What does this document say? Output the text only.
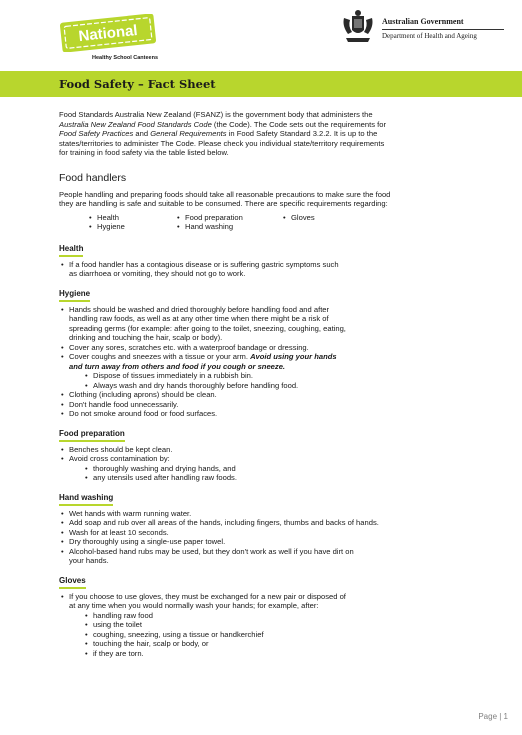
National
Healthy School Canteens
Australian Government
Department of Health and Ageing
Food Safety – Fact Sheet

Food Standards Australia New Zealand (FSANZ) is the government body that administers the

Australia New Zealand Food Standards Code (the Code). The Code sets out the requirements for

Food Safety Practices and General Requirements in Food Safety Standard 3.2.2. It is up to the

states/territories to administer The Code. Please check you individual state/territory requirements

for training in food safety via the table listed below.

Food handlers

People handling and preparing foods should take all reasonable precautions to make sure the food

they are handling is safe and suitable to be consumed. There are specific requirements regarding:

• Health	• Food preparation	• Gloves
• Hygiene	• Hand washing
Health
• If a food handler has a contagious disease or is suffering gastric symptoms such
as diarrhoea or vomiting, they should not go to work.
Hygiene
• Hands should be washed and dried thoroughly before handling food and after
handling raw foods, as well as at any other time when there might be a risk of
spreading germs (for example: after going to the toilet, sneezing, coughing, eating,
drinking and touching the hair, scalp or body).
• Cover any sores, scratches etc. with a waterproof bandage or dressing.
• Cover coughs and sneezes with a tissue or your arm. Avoid using your hands
and turn away from others and food if you cough or sneeze.
• Dispose of tissues immediately in a rubbish bin.
• Always wash and dry hands thoroughly before handling food.
• Clothing (including aprons) should be clean.
• Don't handle food unnecessarily.
• Do not smoke around food or food surfaces.
Food preparation
• Benches should be kept clean.
• Avoid cross contamination by:
• thoroughly washing and drying hands, and
• any utensils used after handling raw foods.
Hand washing
• Wet hands with warm running water.
• Add soap and rub over all areas of the hands, including fingers, thumbs and backs of hands.
• Wash for at least 10 seconds.
• Dry thoroughly using a single-use paper towel.
• Alcohol-based hand rubs may be used, but they don't work as well if you have dirt on
your hands.
Gloves
• If you choose to use gloves, they must be exchanged for a new pair or disposed of
at any time when you would normally wash your hands; for example, after:
• handling raw food
• using the toilet
• coughing, sneezing, using a tissue or handkerchief
• touching the hair, scalp or body, or
• if they are torn.
Page | 1
